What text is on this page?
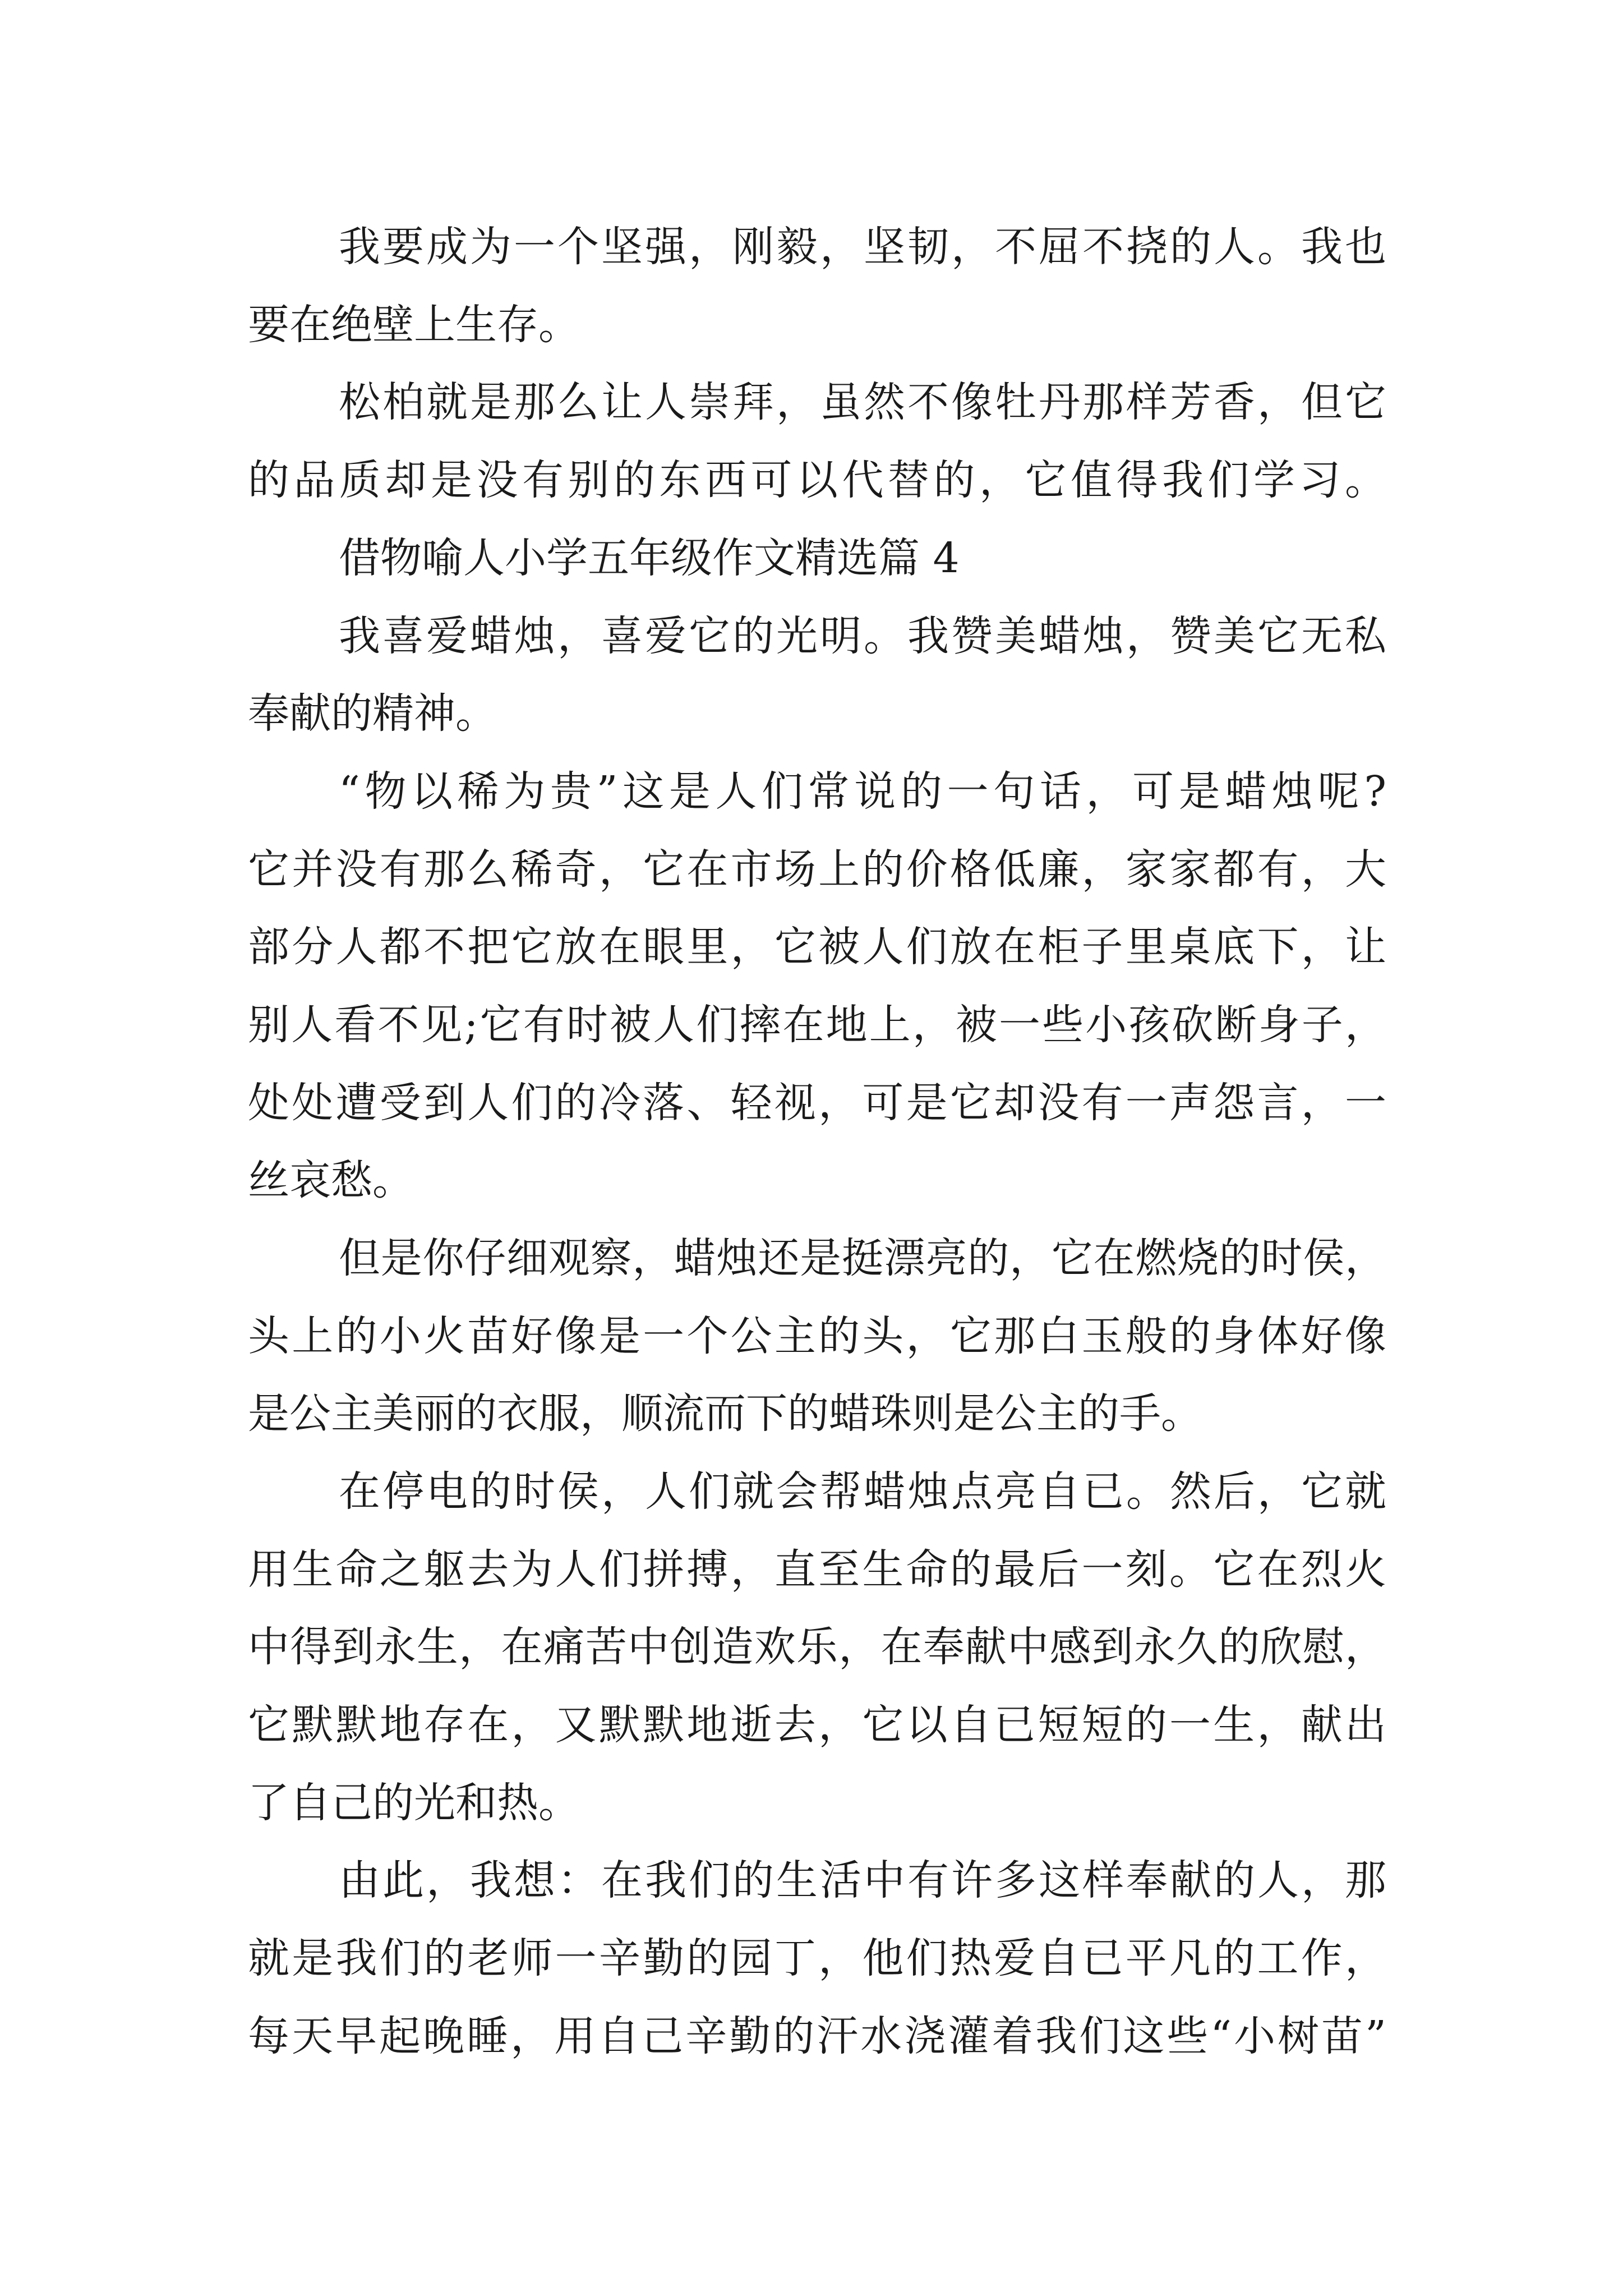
我要成为一个坚强，刚毅，坚韧，不屈不挠的人。我也
要在绝壁上生存。
松柏就是那么让人崇拜，虽然不像牡丹那样芳香，但它
的品质却是没有别的东西可以代替的，它值得我们学习。
借物喻人小学五年级作文精选篇 4
我喜爱蜡烛，喜爱它的光明。我赞美蜡烛，赞美它无私
奉献的精神。
“物以稀为贵”这是人们常说的一句话，可是蜡烛呢?
它并没有那么稀奇，它在市场上的价格低廉，家家都有，大
部分人都不把它放在眼里，它被人们放在柜子里桌底下，让
别人看不见;它有时被人们摔在地上，被一些小孩砍断身子，
处处遭受到人们的冷落、轻视，可是它却没有一声怨言，一
丝哀愁。
但是你仔细观察，蜡烛还是挺漂亮的，它在燃烧的时侯，
头上的小火苗好像是一个公主的头，它那白玉般的身体好像
是公主美丽的衣服，顺流而下的蜡珠则是公主的手。
在停电的时侯，人们就会帮蜡烛点亮自已。然后，它就
用生命之躯去为人们拼搏，直至生命的最后一刻。它在烈火
中得到永生，在痛苦中创造欢乐，在奉献中感到永久的欣慰，
它默默地存在，又默默地逝去，它以自已短短的一生，献出
了自己的光和热。
由此，我想：在我们的生活中有许多这样奉献的人，那
就是我们的老师一辛勤的园丁，他们热爱自已平凡的工作，
每天早起晚睡，用自己辛勤的汗水浇灌着我们这些“小树苗”
